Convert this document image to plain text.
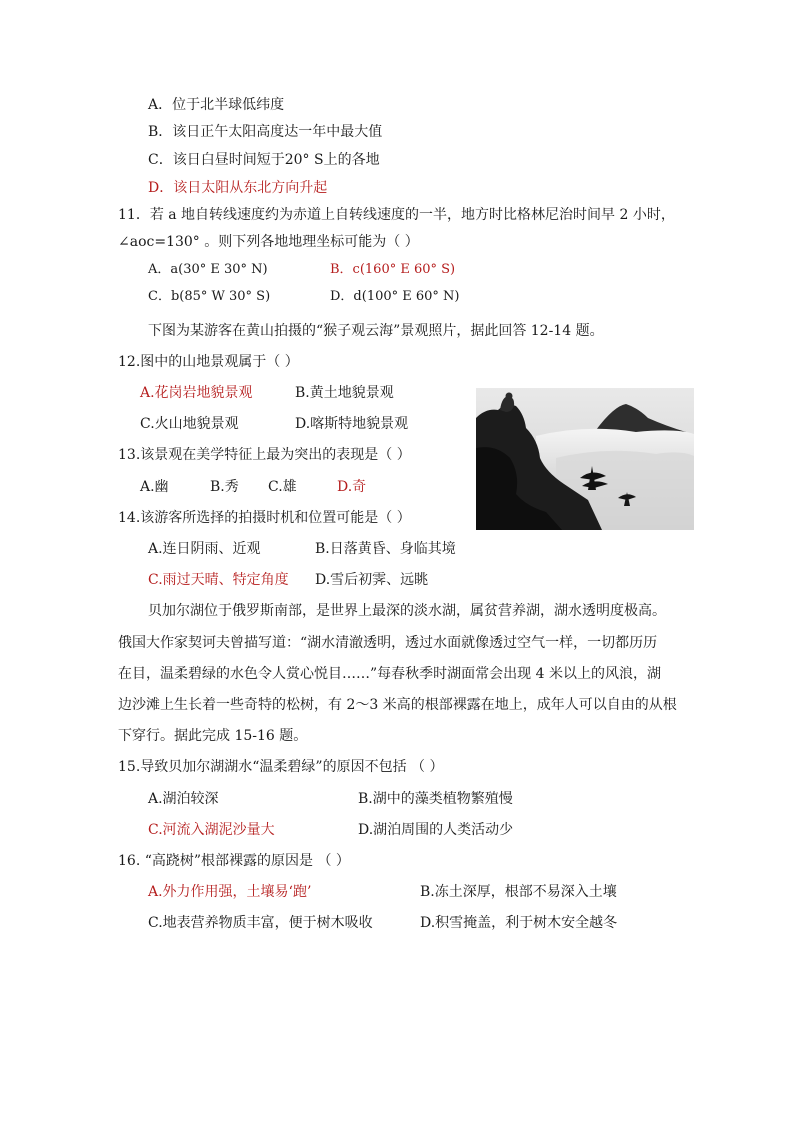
A．位于北半球低纬度
B．该日正午太阳高度达一年中最大值
C．该日白昼时间短于20° S上的各地
D．该日太阳从东北方向升起
11．若 a 地自转线速度约为赤道上自转线速度的一半，地方时比格林尼治时间早 2 小时，
∠aoc=130° 。则下列各地地理坐标可能为（ ）
A．a(30° E 30° N)	B．c(160° E 60° S)
C．b(85° W 30° S)	D．d(100° E 60° N)
下图为某游客在黄山拍摄的“猴子观云海”景观照片，据此回答 12-14 题。
12.图中的山地景观属于（ ）
A.花岗岩地貌景观	B.黄土地貌景观
C.火山地貌景观	D.喀斯特地貌景观
13.该景观在美学特征上最为突出的表现是（ ）
A.幽	B.秀 C.雄	D.奇
14.该游客所选择的拍摄时机和位置可能是（ ）
A.连日阴雨、近观	B.日落黄昏、身临其境
C.雨过天晴、特定角度 D.雪后初霁、远眺
贝加尔湖位于俄罗斯南部，是世界上最深的淡水湖，属贫营养湖，湖水透明度极高。
俄国大作家契诃夫曾描写道：“湖水清澈透明，透过水面就像透过空气一样，一切都历历
在目，温柔碧绿的水色令人赏心悦目……”每春秋季时湖面常会出现 4 米以上的风浪，湖
边沙滩上生长着一些奇特的松树，有 2～3 米高的根部裸露在地上，成年人可以自由的从根
下穿行。据此完成 15-16 题。
15.导致贝加尔湖湖水“温柔碧绿”的原因不包括 （ ）
A.湖泊较深	B.湖中的藻类植物繁殖慢
C.河流入湖泥沙量大	D.湖泊周围的人类活动少
16. “高跷树”根部裸露的原因是 （ ）
A.外力作用强，土壤易‘跑’	B.冻土深厚，根部不易深入土壤
C.地表营养物质丰富，便于树木吸收	D.积雪掩盖，利于树木安全越冬
